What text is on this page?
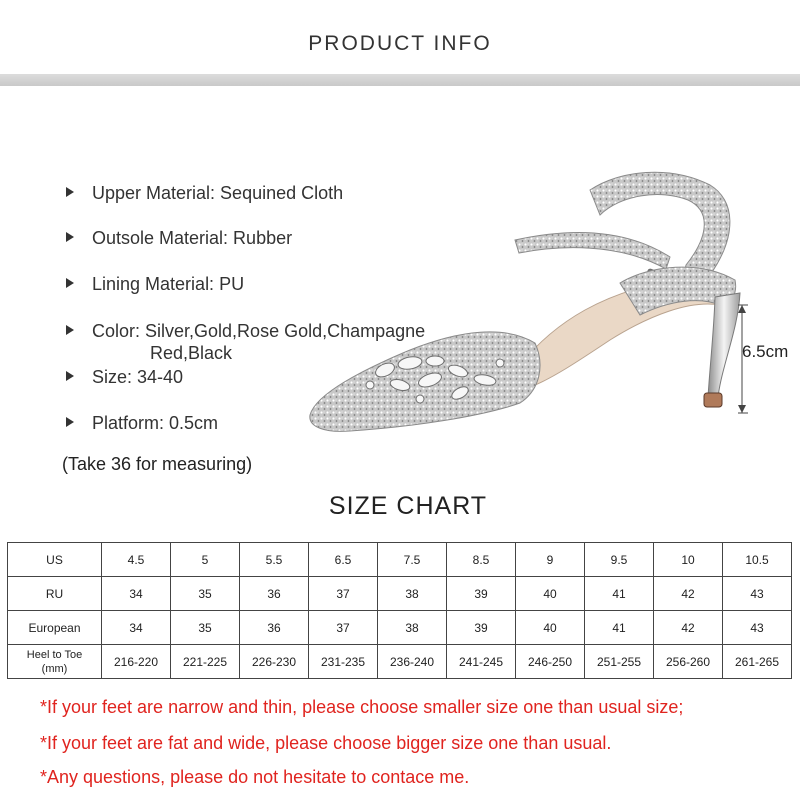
PRODUCT INFO
Upper Material: Sequined Cloth
Outsole Material: Rubber
Lining Material: PU
Color: Silver,Gold,Rose Gold,Champagne
Red,Black
Size: 34-40
Platform: 0.5cm
(Take 36 for measuring)
6.5cm
SIZE CHART
US	4.5	5	5.5	6.5	7.5	8.5	9	9.5	10	10.5
RU	34	35	36	37	38	39	40	41	42	43
European	34	35	36	37	38	39	40	41	42	43
Heel to Toe
(mm)	216-220	221-225	226-230	231-235	236-240	241-245	246-250	251-255	256-260	261-265
*If your feet are narrow and thin, please choose smaller size one than usual size;
*If your feet are fat and wide, please choose bigger size one than usual.
*Any questions, please do not hesitate to contace me.
